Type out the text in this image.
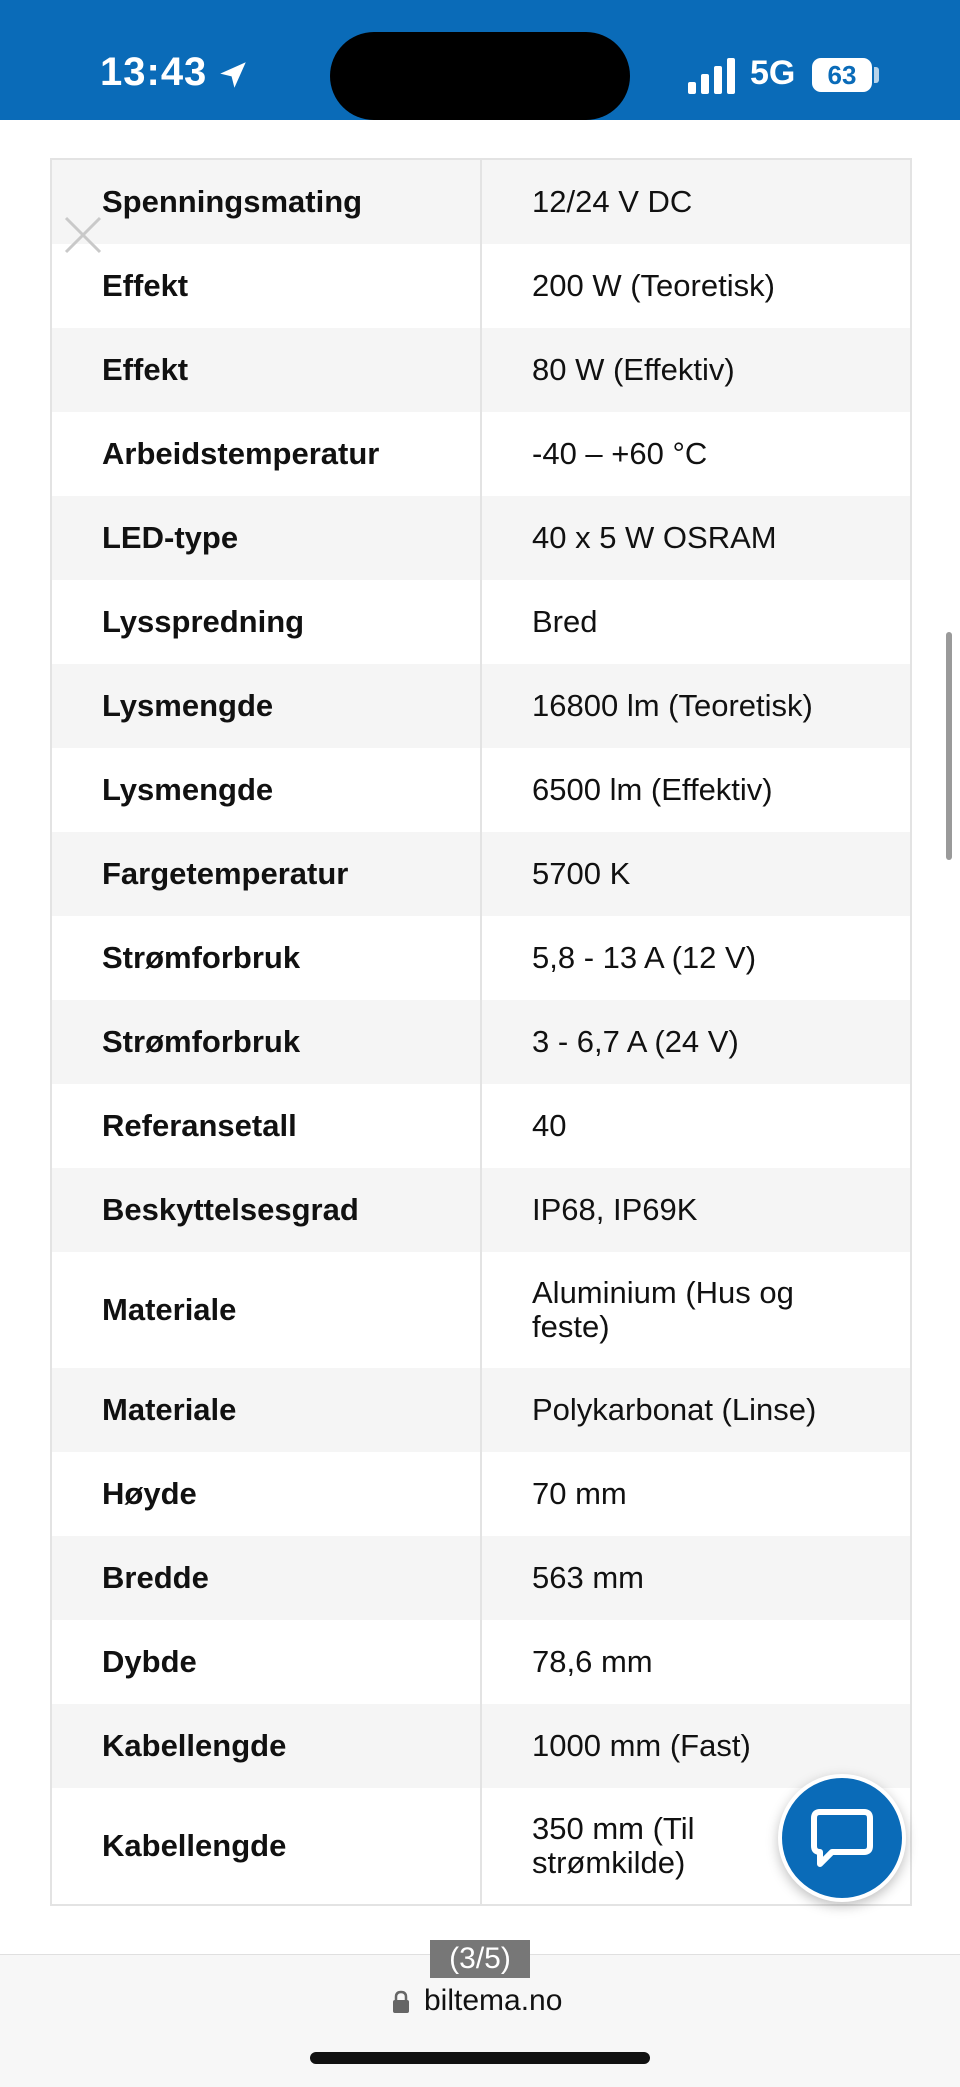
13:43	5G	63
Spenningsmating	12/24 V DC
Effekt	200 W (Teoretisk)
Effekt	80 W (Effektiv)
Arbeidstemperatur	-40 – +60 °C
LED-type	40 x 5 W OSRAM
Lysspredning	Bred
Lysmengde	16800 lm (Teoretisk)
Lysmengde	6500 lm (Effektiv)
Fargetemperatur	5700 K
Strømforbruk	5,8 - 13 A (12 V)
Strømforbruk	3 - 6,7 A (24 V)
Referansetall	40
Beskyttelsesgrad	IP68, IP69K
Materiale	Aluminium (Hus og feste)
Materiale	Polykarbonat (Linse)
Høyde	70 mm
Bredde	563 mm
Dybde	78,6 mm
Kabellengde	1000 mm (Fast)
Kabellengde	350 mm (Til strømkilde)
(3/5)
biltema.no
